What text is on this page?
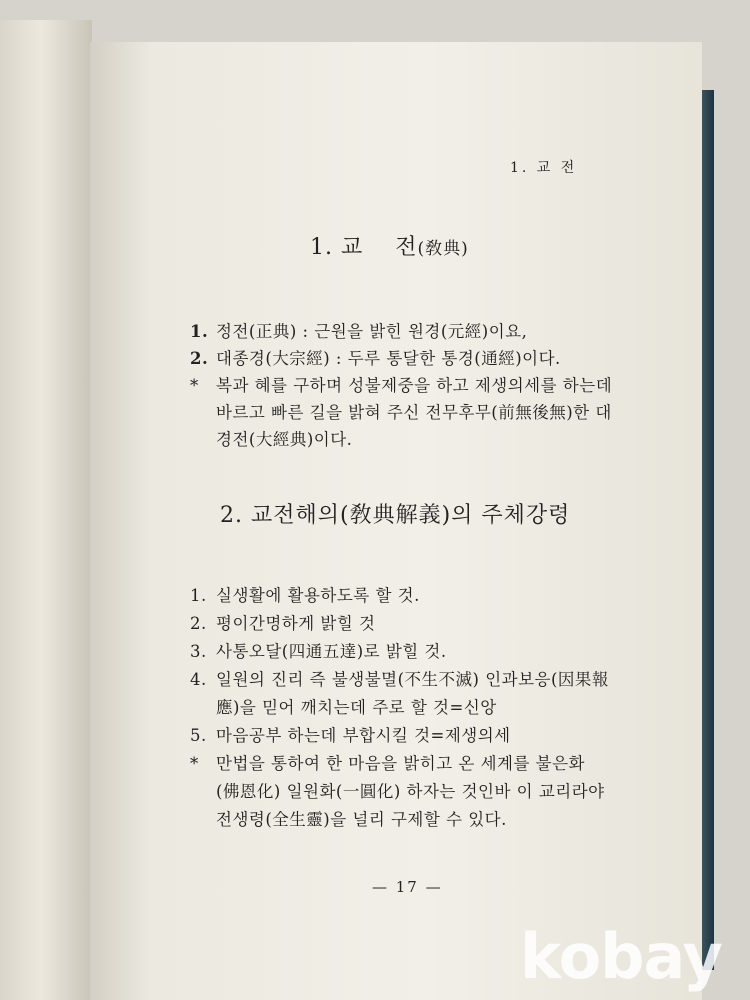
1. 교 전
1. 교    전(敎典)
1. 정전(正典) : 근원을 밝힌 원경(元經)이요,
2. 대종경(大宗經) : 두루 통달한 통경(通經)이다.
* 복과 혜를 구하며 성불제중을 하고 제생의세를 하는데
바르고 빠른 길을 밝혀 주신 전무후무(前無後無)한 대
경전(大經典)이다.
2. 교전해의(敎典解義)의 주체강령
1. 실생활에 활용하도록 할 것.
2. 평이간명하게 밝힐 것
3. 사통오달(四通五達)로 밝힐 것.
4. 일원의 진리 즉 불생불멸(不生不滅) 인과보응(因果報
應)을 믿어 깨치는데 주로 할 것=신앙
5. 마음공부 하는데 부합시킬 것=제생의세
* 만법을 통하여 한 마음을 밝히고 온 세계를 불은화
(佛恩化) 일원화(一圓化) 하자는 것인바 이 교리라야
전생령(全生靈)을 널리 구제할 수 있다.
— 17 —
kobay
